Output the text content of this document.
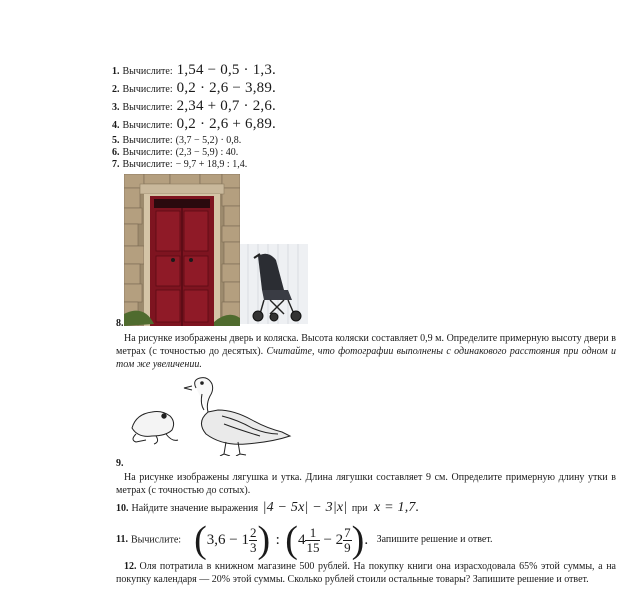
1. Вычислите: 1,54 − 0,5 · 1,3.
2. Вычислите: 0,2 · 2,6 − 3,89.
3. Вычислите: 2,34 + 0,7 · 2,6.
4. Вычислите: 0,2 · 2,6 + 6,89.
5. Вычислите: (3,7 − 5,2) · 0,8.
6. Вычислите: (2,3 − 5,9) : 40.
7. Вычислите: − 9,7 + 18,9 : 1,4.
8.
На рисунке изображены дверь и коляска. Высота коляски составляет 0,9 м. Определите примерную высоту двери в метрах (с точностью до десятых). Считайте, что фотографии выполнены с одинакового расстояния при одном и том же увеличении.
9.
На рисунке изображены лягушка и утка. Длина лягушки составляет 9 см. Определите примерную длину утки в метрах (с точностью до сотых).
10. Найдите значение выражения |4 − 5x| − 3|x| при x = 1,7.
11. Вычислите: ($3,6 - 1 \frac{2}{3}$ ) : ($4 \frac{1}{15} - 2 \frac{7}{9}$ ). Запишите решение и ответ.
12. Оля потратила в книжном магазине 500 рублей. На покупку книги она израсходовала 65% этой суммы, а на покупку календаря — 20% этой суммы. Сколько рублей стоили остальные товары? Запишите решение и ответ.
